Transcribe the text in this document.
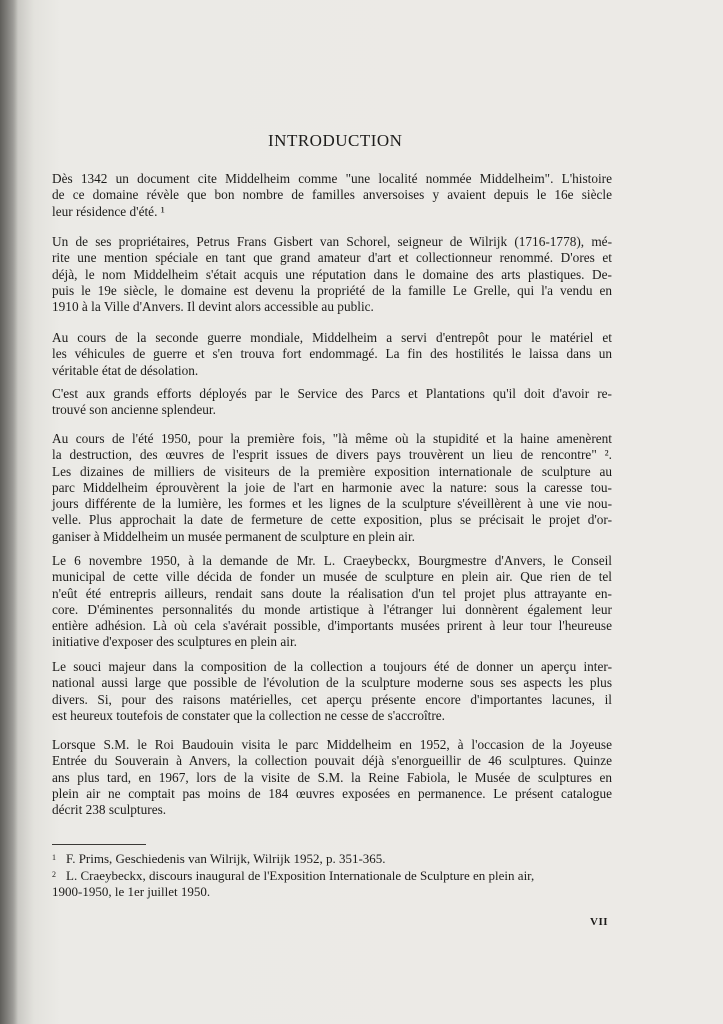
INTRODUCTION
Dès 1342 un document cite Middelheim comme "une localité nommée Middelheim". L'histoire
de ce domaine révèle que bon nombre de familles anversoises y avaient depuis le 16e siècle
leur résidence d'été. ¹
Un de ses propriétaires, Petrus Frans Gisbert van Schorel, seigneur de Wilrijk (1716-1778), mé-
rite une mention spéciale en tant que grand amateur d'art et collectionneur renommé. D'ores et
déjà, le nom Middelheim s'était acquis une réputation dans le domaine des arts plastiques. De-
puis le 19e siècle, le domaine est devenu la propriété de la famille Le Grelle, qui l'a vendu en
1910 à la Ville d'Anvers. Il devint alors accessible au public.
Au cours de la seconde guerre mondiale, Middelheim a servi d'entrepôt pour le matériel et
les véhicules de guerre et s'en trouva fort endommagé. La fin des hostilités le laissa dans un
véritable état de désolation.
C'est aux grands efforts déployés par le Service des Parcs et Plantations qu'il doit d'avoir re-
trouvé son ancienne splendeur.
Au cours de l'été 1950, pour la première fois, "là même où la stupidité et la haine amenèrent
la destruction, des œuvres de l'esprit issues de divers pays trouvèrent un lieu de rencontre" ².
Les dizaines de milliers de visiteurs de la première exposition internationale de sculpture au
parc Middelheim éprouvèrent la joie de l'art en harmonie avec la nature: sous la caresse tou-
jours différente de la lumière, les formes et les lignes de la sculpture s'éveillèrent à une vie nou-
velle. Plus approchait la date de fermeture de cette exposition, plus se précisait le projet d'or-
ganiser à Middelheim un musée permanent de sculpture en plein air.
Le 6 novembre 1950, à la demande de Mr. L. Craeybeckx, Bourgmestre d'Anvers, le Conseil
municipal de cette ville décida de fonder un musée de sculpture en plein air. Que rien de tel
n'eût été entrepris ailleurs, rendait sans doute la réalisation d'un tel projet plus attrayante en-
core. D'éminentes personnalités du monde artistique à l'étranger lui donnèrent également leur
entière adhésion. Là où cela s'avérait possible, d'importants musées prirent à leur tour l'heureuse
initiative d'exposer des sculptures en plein air.
Le souci majeur dans la composition de la collection a toujours été de donner un aperçu inter-
national aussi large que possible de l'évolution de la sculpture moderne sous ses aspects les plus
divers. Si, pour des raisons matérielles, cet aperçu présente encore d'importantes lacunes, il
est heureux toutefois de constater que la collection ne cesse de s'accroître.
Lorsque S.M. le Roi Baudouin visita le parc Middelheim en 1952, à l'occasion de la Joyeuse
Entrée du Souverain à Anvers, la collection pouvait déjà s'enorgueillir de 46 sculptures. Quinze
ans plus tard, en 1967, lors de la visite de S.M. la Reine Fabiola, le Musée de sculptures en
plein air ne comptait pas moins de 184 œuvres exposées en permanence. Le présent catalogue
décrit 238 sculptures.
1 F. Prims, Geschiedenis van Wilrijk, Wilrijk 1952, p. 351-365.
2 L. Craeybeckx, discours inaugural de l'Exposition Internationale de Sculpture en plein air,
1900-1950, le 1er juillet 1950.
VII
